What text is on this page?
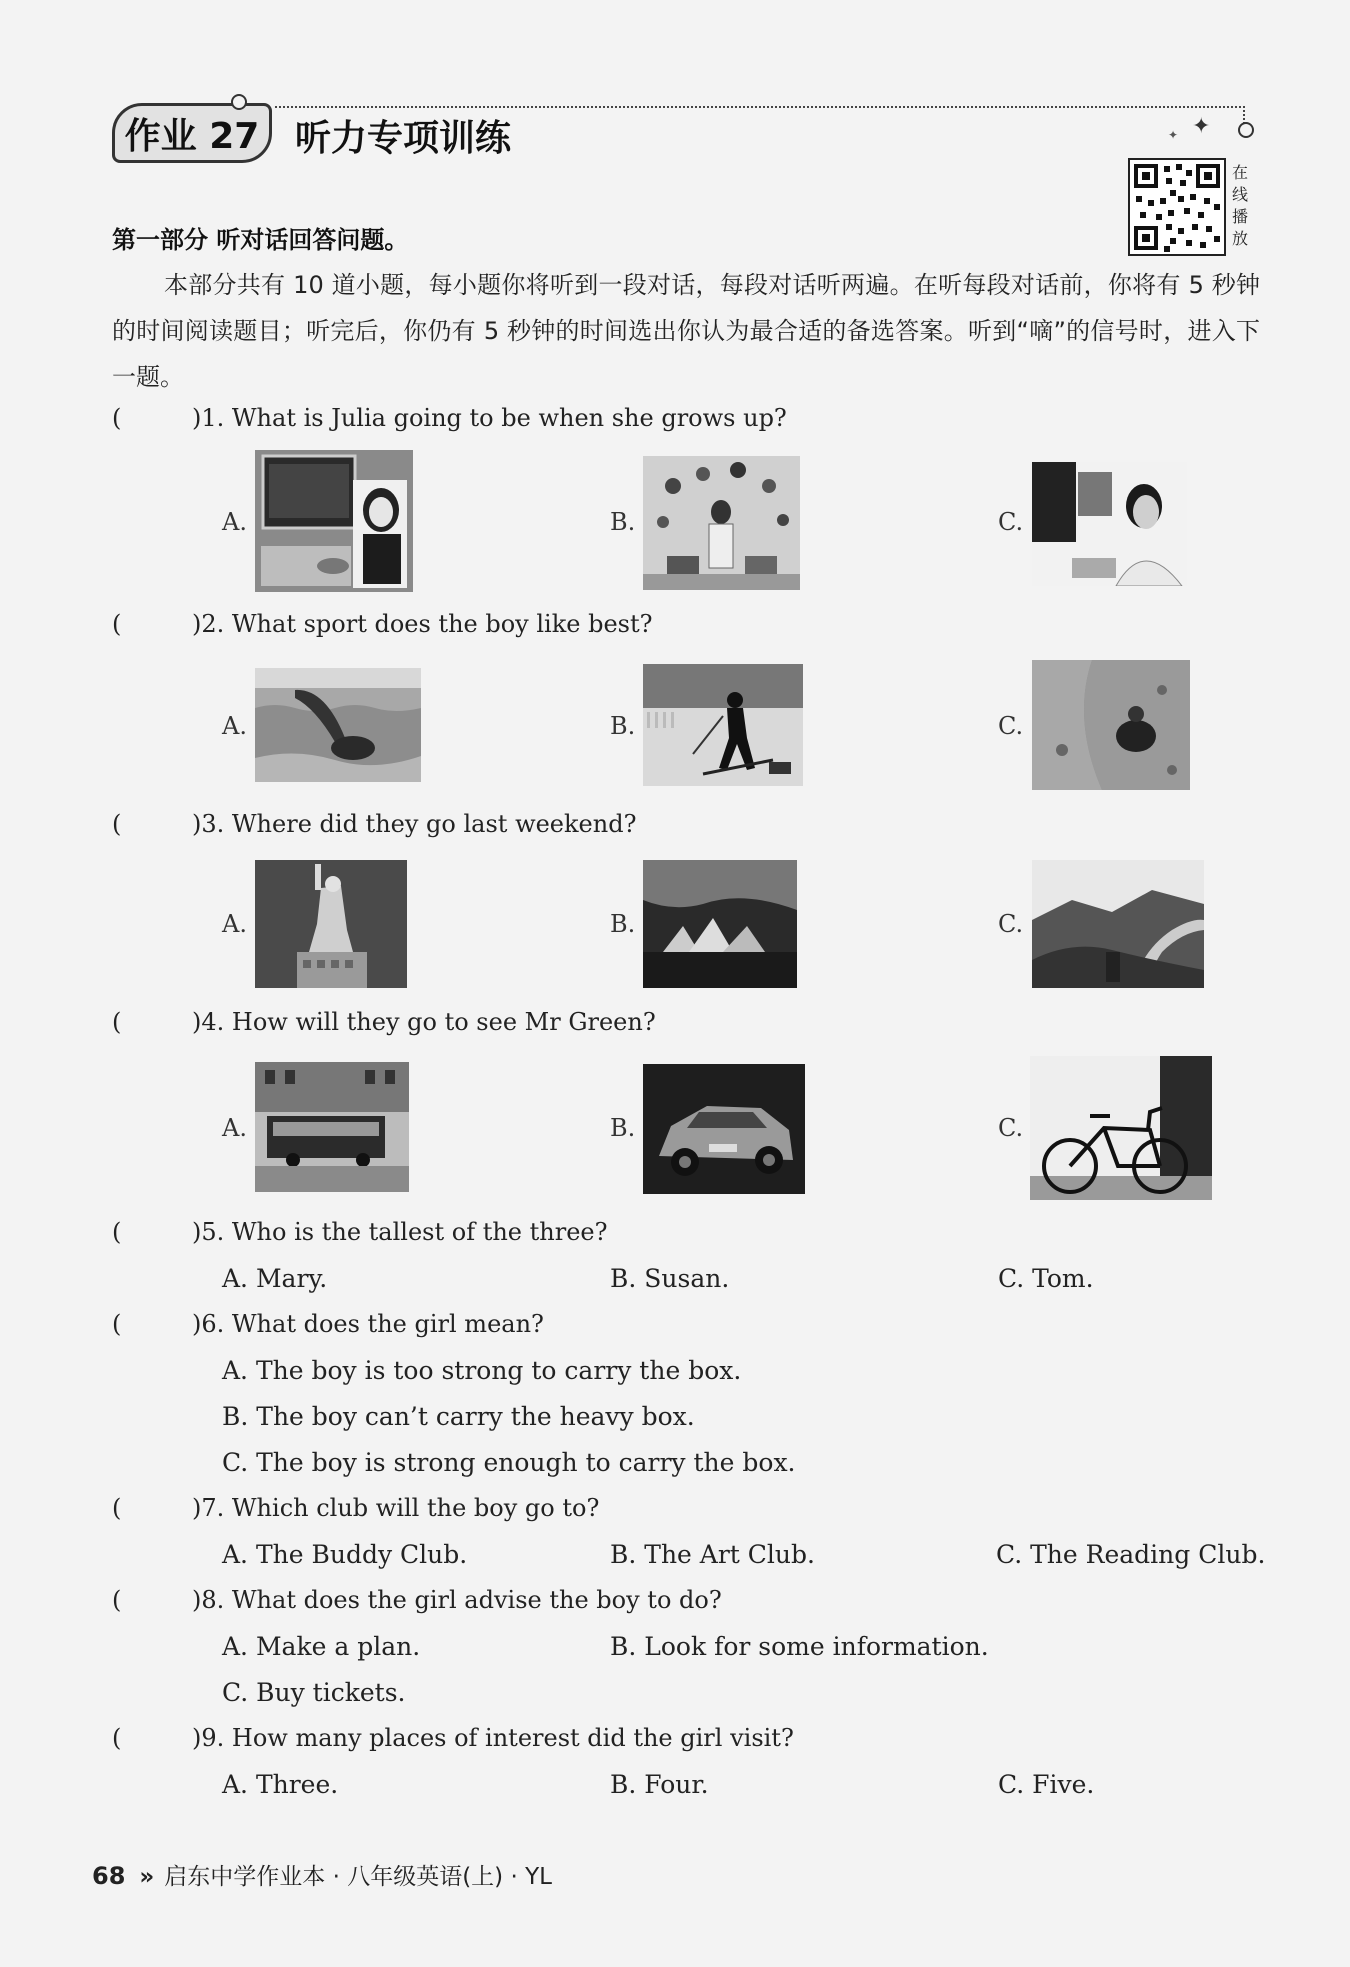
✦
✦
作业 27 听力专项训练
在线播放
第一部分 听对话回答问题。
本部分共有 10 道小题，每小题你将听到一段对话，每段对话听两遍。在听每段对话前，你将有 5 秒钟的时间阅读题目；听完后，你仍有 5 秒钟的时间选出你认为最合适的备选答案。听到“嘀”的信号时，进入下一题。
(	)1. What is Julia going to be when she grows up?
A.	B.	C.
(	)2. What sport does the boy like best?
A.	B.	C.
(	)3. Where did they go last weekend?
A.	B.	C.
(	)4. How will they go to see Mr Green?
A.	B.	C.
(	)5. Who is the tallest of the three?
A. Mary.	B. Susan.	C. Tom.
(	)6. What does the girl mean?
A. The boy is too strong to carry the box.
B. The boy can’t carry the heavy box.
C. The boy is strong enough to carry the box.
(	)7. Which club will the boy go to?
A. The Buddy Club.	B. The Art Club.	C. The Reading Club.
(	)8. What does the girl advise the boy to do?
A. Make a plan.	B. Look for some information.
C. Buy tickets.
(	)9. How many places of interest did the girl visit?
A. Three.	B. Four.	C. Five.
68 » 启东中学作业本 · 八年级英语(上) · YL
